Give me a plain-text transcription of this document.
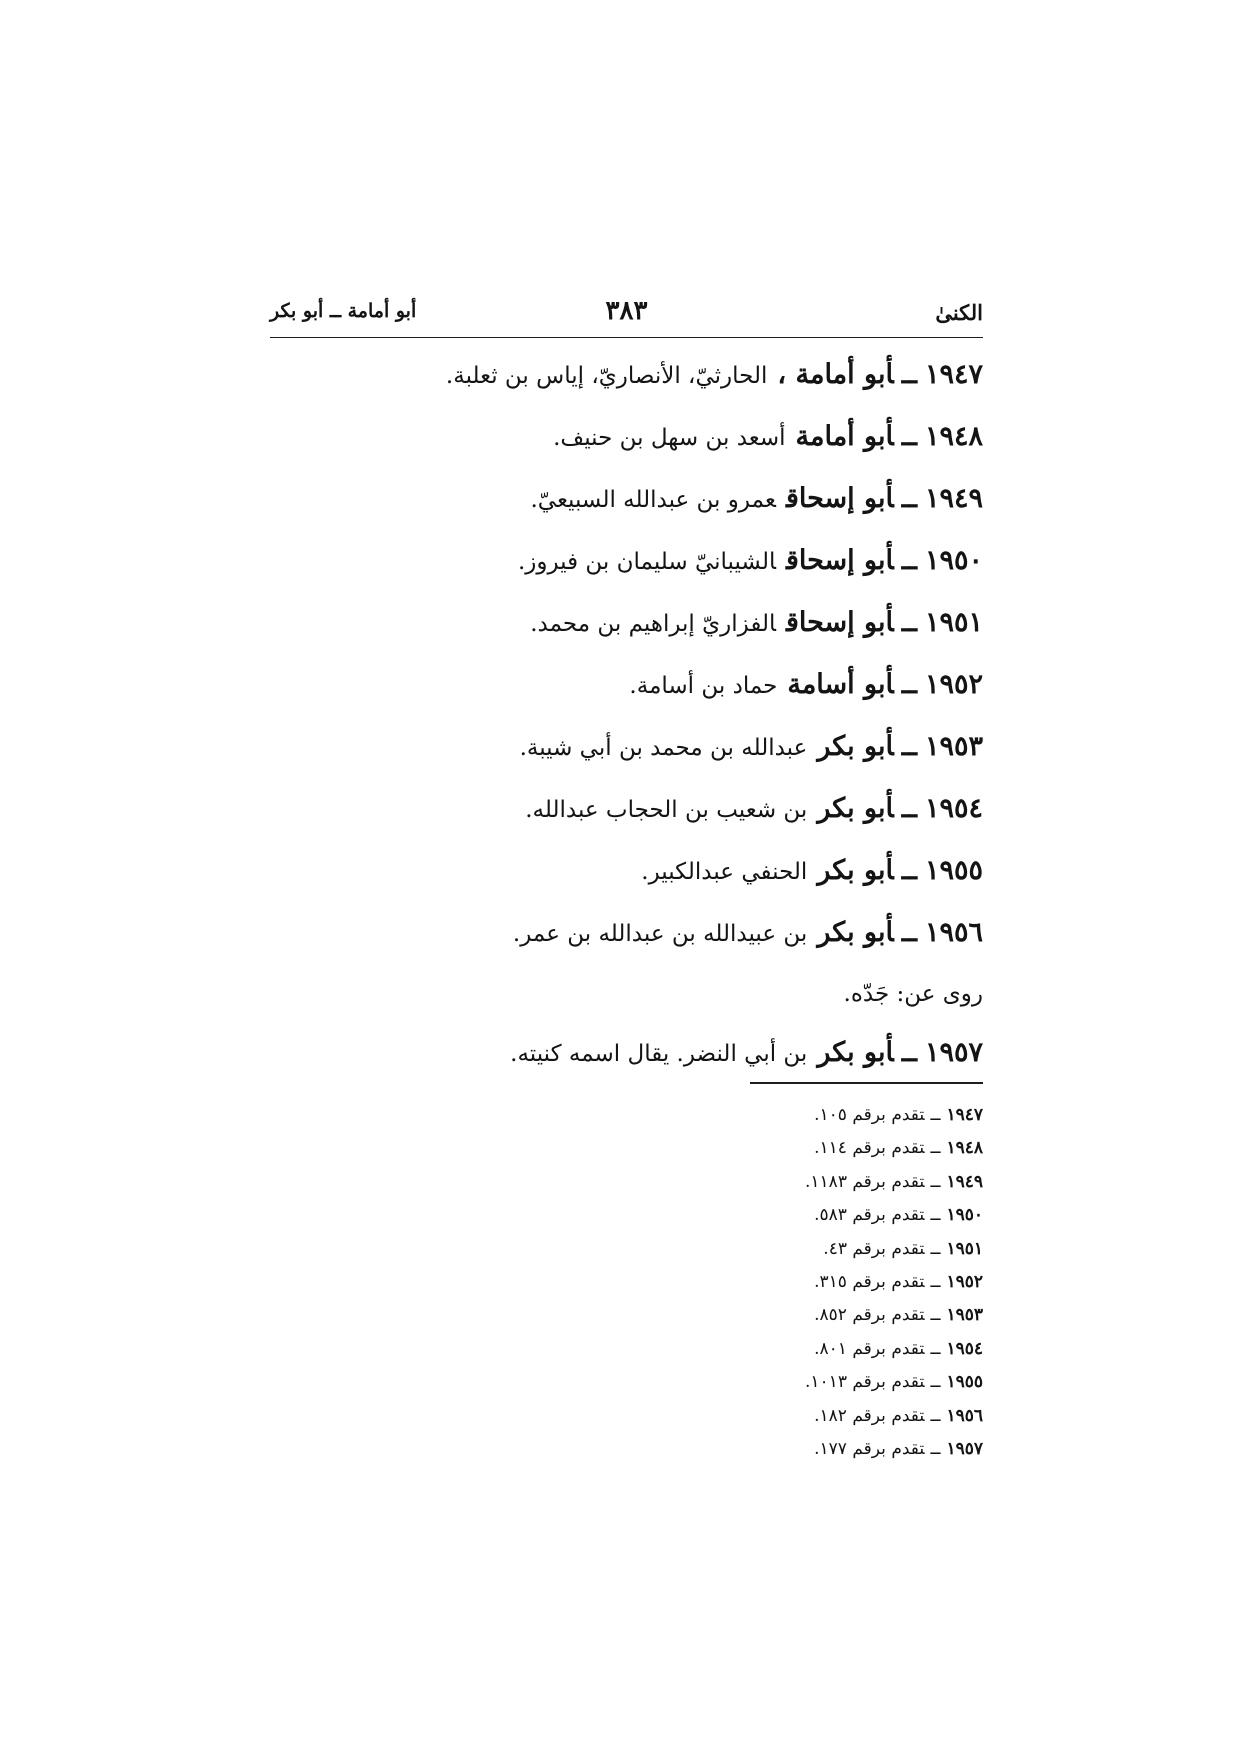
الكنىٰ
٣٨٣
أبو أمامة ــ أبو بكر
١٩٤٧ــأبو أمامة ،الحارثيّ، الأنصاريّ، إياس بن ثعلبة.
١٩٤٨ــأبو أمامةأسعد بن سهل بن حنيف.
١٩٤٩ــأبو إسحاقعمرو بن عبدالله السبيعيّ.
١٩٥٠ــأبو إسحاقالشيبانيّ سليمان بن فيروز.
١٩٥١ــأبو إسحاقالفزاريّ إبراهيم بن محمد.
١٩٥٢ــأبو أسامةحماد بن أسامة.
١٩٥٣ــأبو بكرعبدالله بن محمد بن أبي شيبة.
١٩٥٤ــأبو بكربن شعيب بن الحجاب عبدالله.
١٩٥٥ــأبو بكرالحنفي عبدالكبير.
١٩٥٦ــأبو بكربن عبيدالله بن عبدالله بن عمر.
روى عن: جَدّه.
١٩٥٧ــأبو بكربن أبي النضر. يقال اسمه كنيته.
١٩٤٧ــتقدم برقم ١٠٥.
١٩٤٨ــتقدم برقم ١١٤.
١٩٤٩ــتقدم برقم ١١٨٣.
١٩٥٠ــتقدم برقم ٥٨٣.
١٩٥١ــتقدم برقم ٤٣.
١٩٥٢ــتقدم برقم ٣١٥.
١٩٥٣ــتقدم برقم ٨٥٢.
١٩٥٤ــتقدم برقم ٨٠١.
١٩٥٥ــتقدم برقم ١٠١٣.
١٩٥٦ــتقدم برقم ١٨٢.
١٩٥٧ــتقدم برقم ١٧٧.
